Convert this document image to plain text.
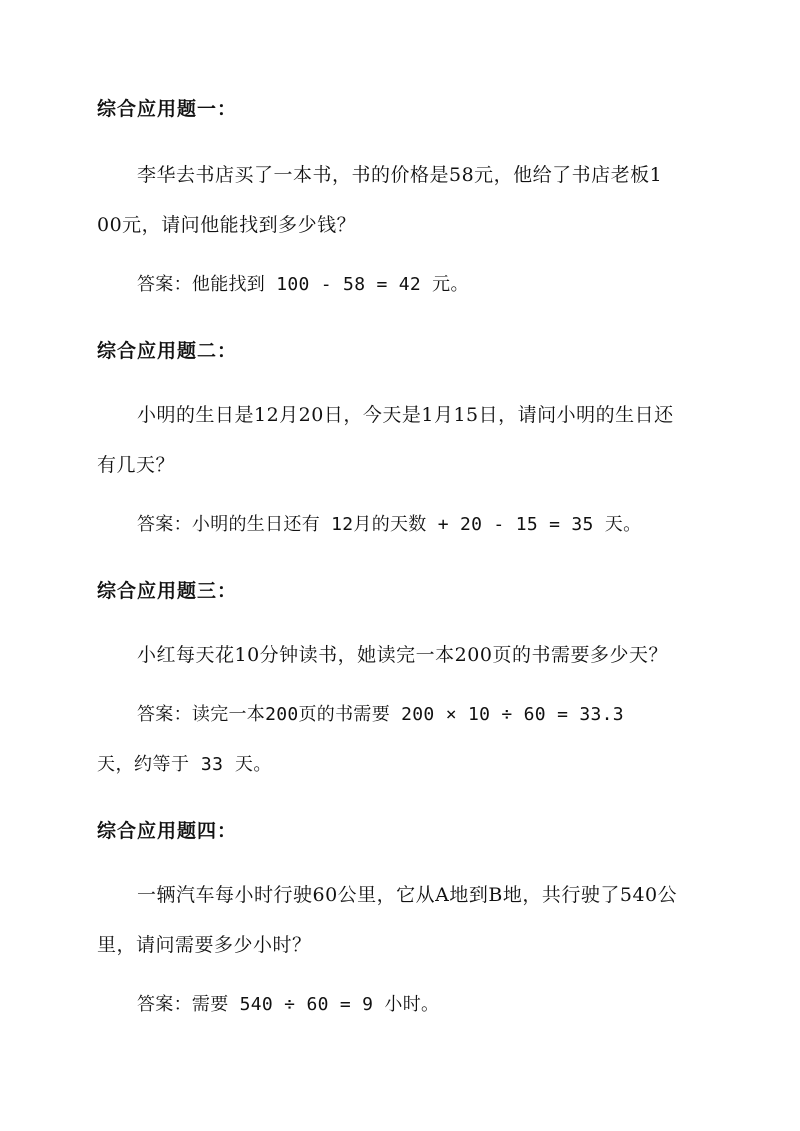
综合应用题一：

李华去书店买了一本书，书的价格是58元，他给了书店老板1

00元，请问他能找到多少钱？

答案：他能找到 100 - 58 = 42 元。

综合应用题二：

小明的生日是12月20日，今天是1月15日，请问小明的生日还

有几天？

答案：小明的生日还有 12月的天数 + 20 - 15 = 35 天。

综合应用题三：

小红每天花10分钟读书，她读完一本200页的书需要多少天？

答案：读完一本200页的书需要 200 × 10 ÷ 60 = 33.3

天，约等于 33 天。

综合应用题四：

一辆汽车每小时行驶60公里，它从A地到B地，共行驶了540公

里，请问需要多少小时？

答案：需要 540 ÷ 60 = 9 小时。
